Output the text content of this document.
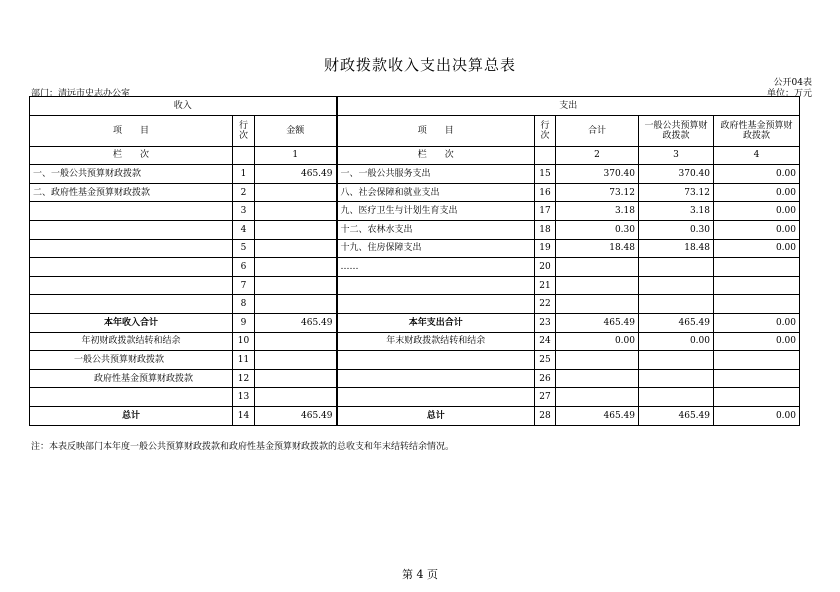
财政拨款收入支出决算总表
公开04表
部门：清远市史志办公室	单位：万元
收入			支出				
项　　目	行次	金额	项　　目	行次	合计	一般公共预算财政拨款	政府性基金预算财政拨款
栏　　次		1	栏　　次		2	3	4
一、一般公共预算财政拨款	1	465.49	一、一般公共服务支出	15	370.40	370.40	0.00
二、政府性基金预算财政拨款	2		八、社会保障和就业支出	16	73.12	73.12	0.00
	3		九、医疗卫生与计划生育支出	17	3.18	3.18	0.00
	4		十二、农林水支出	18	0.30	0.30	0.00
	5		十九、住房保障支出	19	18.48	18.48	0.00
	6		……	20			
	7			21			
	8			22			
本年收入合计	9	465.49	本年支出合计	23	465.49	465.49	0.00
年初财政拨款结转和结余	10		年末财政拨款结转和结余	24	0.00	0.00	0.00
一般公共预算财政拨款	11			25			
政府性基金预算财政拨款	12			26			
	13			27			
总计	14	465.49	总计	28	465.49	465.49	0.00
注：本表反映部门本年度一般公共预算财政拨款和政府性基金预算财政拨款的总收支和年末结转结余情况。
第 4 页
